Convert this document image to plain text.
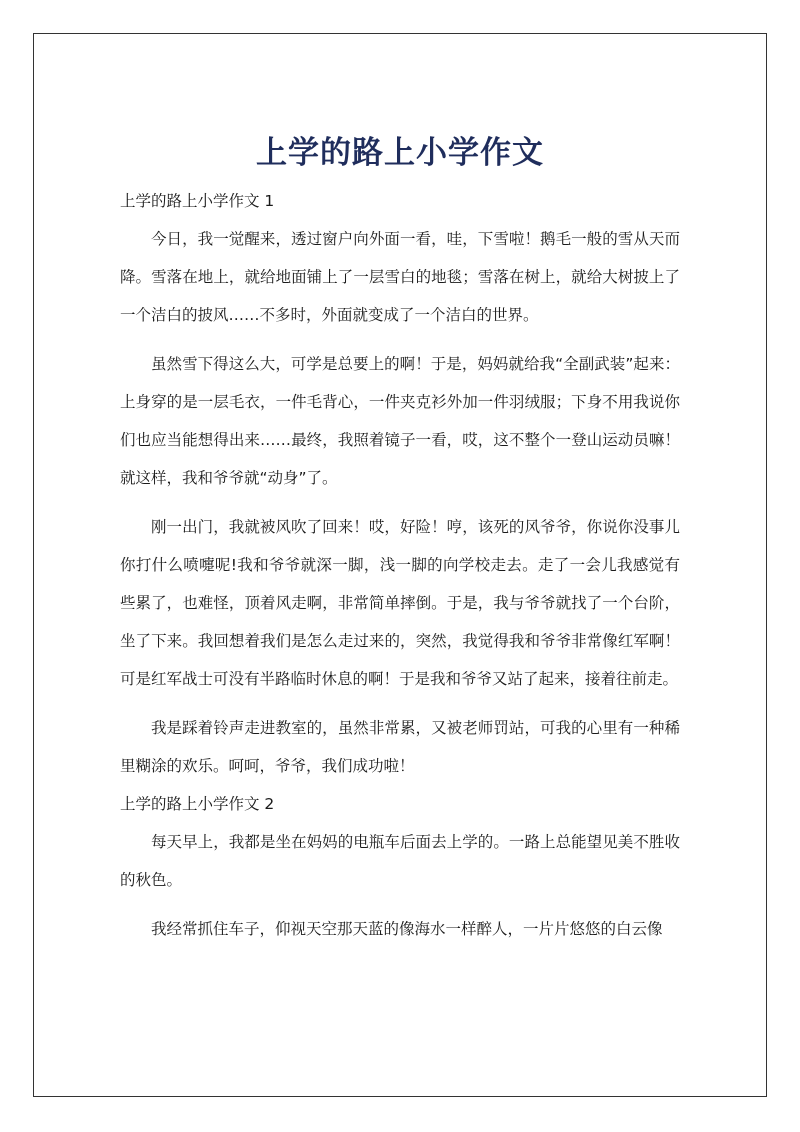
上学的路上小学作文

上学的路上小学作文 1

今日，我一觉醒来，透过窗户向外面一看，哇，下雪啦！鹅毛一般的雪从天而降。雪落在地上，就给地面铺上了一层雪白的地毯；雪落在树上，就给大树披上了一个洁白的披风……不多时，外面就变成了一个洁白的世界。

虽然雪下得这么大，可学是总要上的啊！于是，妈妈就给我“全副武装”起来：上身穿的是一层毛衣，一件毛背心，一件夹克衫外加一件羽绒服；下身不用我说你们也应当能想得出来……最终，我照着镜子一看，哎，这不整个一登山运动员嘛！就这样，我和爷爷就“动身”了。

刚一出门，我就被风吹了回来！哎，好险！哼，该死的风爷爷，你说你没事儿你打什么喷嚏呢!我和爷爷就深一脚，浅一脚的向学校走去。走了一会儿我感觉有些累了，也难怪，顶着风走啊，非常简单摔倒。于是，我与爷爷就找了一个台阶，坐了下来。我回想着我们是怎么走过来的，突然，我觉得我和爷爷非常像红军啊！可是红军战士可没有半路临时休息的啊！于是我和爷爷又站了起来，接着往前走。

我是踩着铃声走进教室的，虽然非常累，又被老师罚站，可我的心里有一种稀里糊涂的欢乐。呵呵，爷爷，我们成功啦！

上学的路上小学作文 2

每天早上，我都是坐在妈妈的电瓶车后面去上学的。一路上总能望见美不胜收的秋色。

我经常抓住车子，仰视天空那天蓝的像海水一样醉人，一片片悠悠的白云像
